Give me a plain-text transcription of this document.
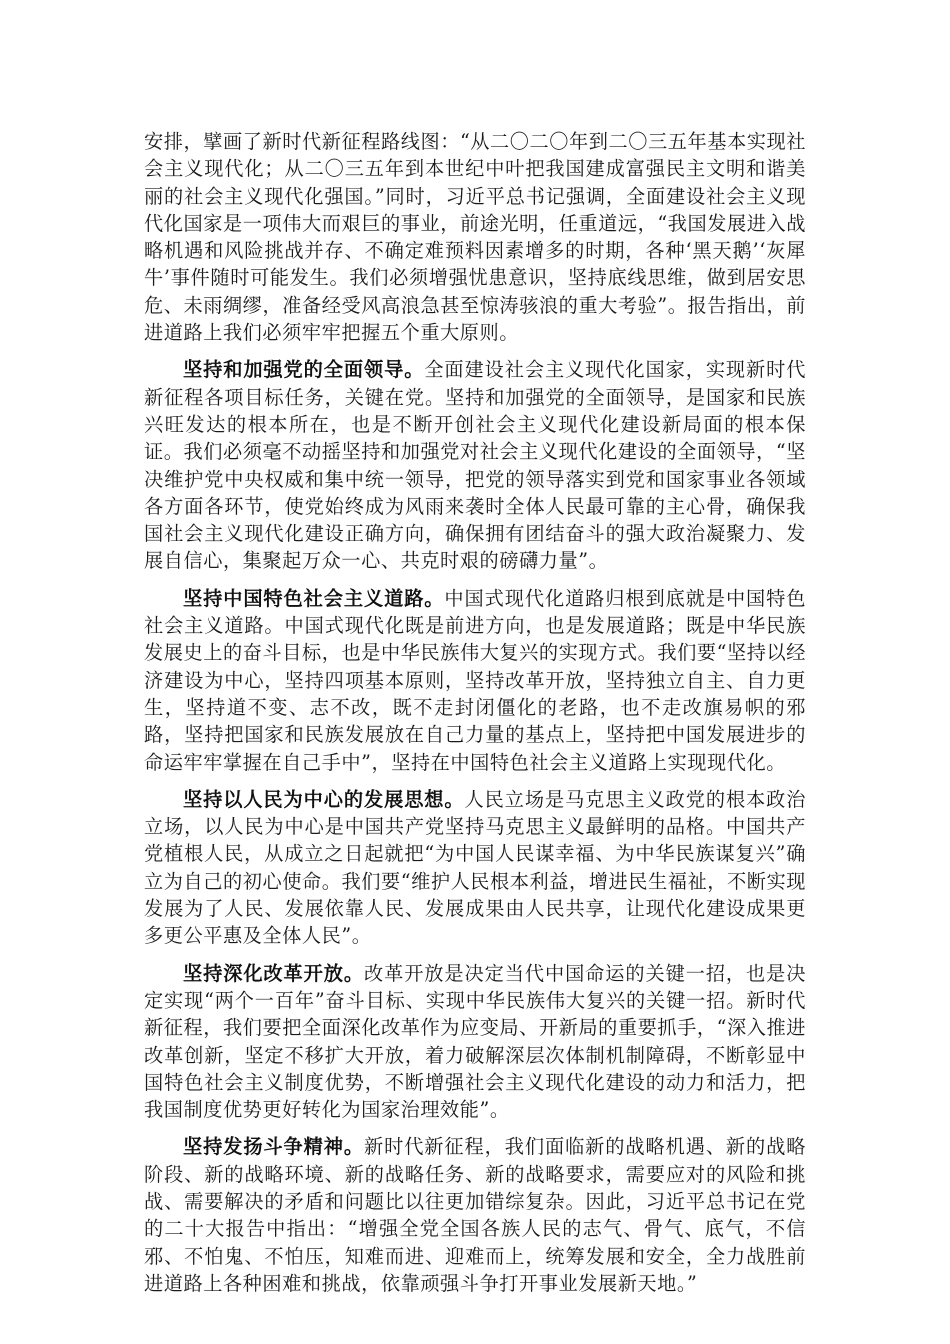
安排，擘画了新时代新征程路线图：“从二〇二〇年到二〇三五年基本实现社会主义现代化；从二〇三五年到本世纪中叶把我国建成富强民主文明和谐美丽的社会主义现代化强国。”同时，习近平总书记强调，全面建设社会主义现代化国家是一项伟大而艰巨的事业，前途光明，任重道远，“我国发展进入战略机遇和风险挑战并存、不确定难预料因素增多的时期，各种‘黑天鹅’‘灰犀牛’事件随时可能发生。我们必须增强忧患意识，坚持底线思维，做到居安思危、未雨绸缪，准备经受风高浪急甚至惊涛骇浪的重大考验”。报告指出，前进道路上我们必须牢牢把握五个重大原则。

坚持和加强党的全面领导。全面建设社会主义现代化国家，实现新时代新征程各项目标任务，关键在党。坚持和加强党的全面领导，是国家和民族兴旺发达的根本所在，也是不断开创社会主义现代化建设新局面的根本保证。我们必须毫不动摇坚持和加强党对社会主义现代化建设的全面领导，“坚决维护党中央权威和集中统一领导，把党的领导落实到党和国家事业各领域各方面各环节，使党始终成为风雨来袭时全体人民最可靠的主心骨，确保我国社会主义现代化建设正确方向，确保拥有团结奋斗的强大政治凝聚力、发展自信心，集聚起万众一心、共克时艰的磅礴力量”。

坚持中国特色社会主义道路。中国式现代化道路归根到底就是中国特色社会主义道路。中国式现代化既是前进方向，也是发展道路；既是中华民族发展史上的奋斗目标，也是中华民族伟大复兴的实现方式。我们要“坚持以经济建设为中心，坚持四项基本原则，坚持改革开放，坚持独立自主、自力更生，坚持道不变、志不改，既不走封闭僵化的老路，也不走改旗易帜的邪路，坚持把国家和民族发展放在自己力量的基点上，坚持把中国发展进步的命运牢牢掌握在自己手中”，坚持在中国特色社会主义道路上实现现代化。

坚持以人民为中心的发展思想。人民立场是马克思主义政党的根本政治立场，以人民为中心是中国共产党坚持马克思主义最鲜明的品格。中国共产党植根人民，从成立之日起就把“为中国人民谋幸福、为中华民族谋复兴”确立为自己的初心使命。我们要“维护人民根本利益，增进民生福祉，不断实现发展为了人民、发展依靠人民、发展成果由人民共享，让现代化建设成果更多更公平惠及全体人民”。

坚持深化改革开放。改革开放是决定当代中国命运的关键一招，也是决定实现“两个一百年”奋斗目标、实现中华民族伟大复兴的关键一招。新时代新征程，我们要把全面深化改革作为应变局、开新局的重要抓手，“深入推进改革创新，坚定不移扩大开放，着力破解深层次体制机制障碍，不断彰显中国特色社会主义制度优势，不断增强社会主义现代化建设的动力和活力，把我国制度优势更好转化为国家治理效能”。

坚持发扬斗争精神。新时代新征程，我们面临新的战略机遇、新的战略阶段、新的战略环境、新的战略任务、新的战略要求，需要应对的风险和挑战、需要解决的矛盾和问题比以往更加错综复杂。因此，习近平总书记在党的二十大报告中指出：“增强全党全国各族人民的志气、骨气、底气，不信邪、不怕鬼、不怕压，知难而进、迎难而上，统筹发展和安全，全力战胜前进道路上各种困难和挑战，依靠顽强斗争打开事业发展新天地。”
